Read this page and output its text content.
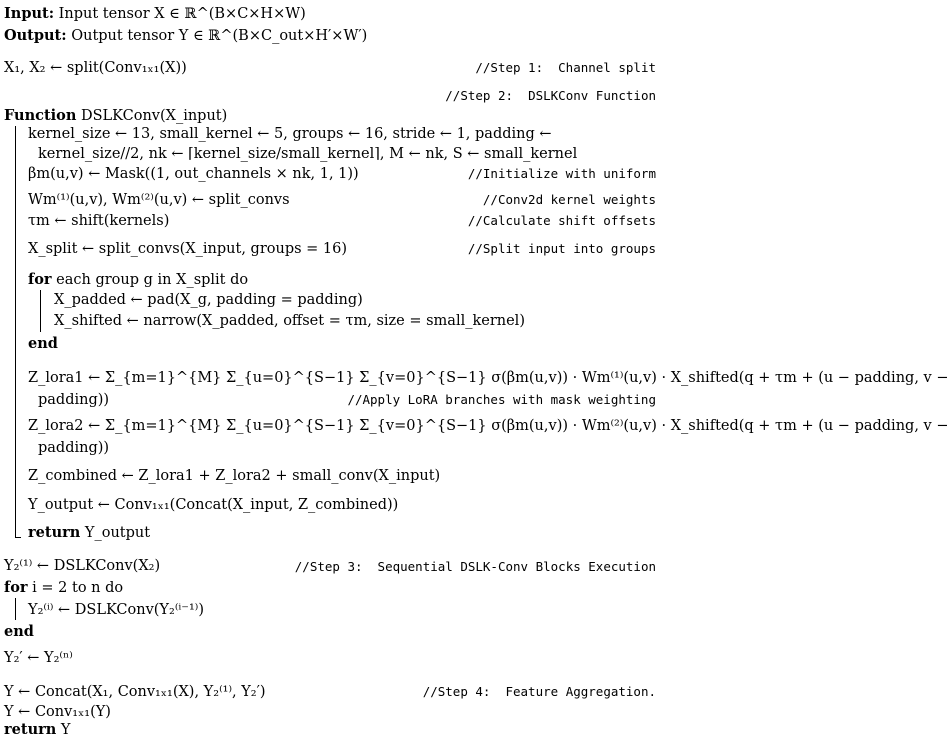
Input: Input tensor X ∈ ℝ^(B×C×H×W)
Output: Output tensor Y ∈ ℝ^(B×C_out×H′×W′)
X₁, X₂ ← split(Conv₁ₓ₁(X))	//Step 1:  Channel split
//Step 2:  DSLKConv Function
Function DSLKConv(X_input)
kernel_size ← 13, small_kernel ← 5, groups ← 16, stride ← 1, padding ←
kernel_size//2, nk ← ⌈kernel_size/small_kernel⌉, M ← nk, S ← small_kernel
βm(u,v) ← Mask((1, out_channels × nk, 1, 1))	//Initialize with uniform
Wm⁽¹⁾(u,v), Wm⁽²⁾(u,v) ← split_convs	//Conv2d kernel weights
τm ← shift(kernels)	//Calculate shift offsets
X_split ← split_convs(X_input, groups = 16)	//Split input into groups
for each group g in X_split do
X_padded ← pad(X_g, padding = padding)
X_shifted ← narrow(X_padded, offset = τm, size = small_kernel)
end
Z_lora1 ← Σ_{m=1}^{M} Σ_{u=0}^{S−1} Σ_{v=0}^{S−1} σ(βm(u,v)) · Wm⁽¹⁾(u,v) · X_shifted(q + τm + (u − padding, v −
padding))	//Apply LoRA branches with mask weighting
Z_lora2 ← Σ_{m=1}^{M} Σ_{u=0}^{S−1} Σ_{v=0}^{S−1} σ(βm(u,v)) · Wm⁽²⁾(u,v) · X_shifted(q + τm + (u − padding, v −
padding))
Z_combined ← Z_lora1 + Z_lora2 + small_conv(X_input)
Y_output ← Conv₁ₓ₁(Concat(X_input, Z_combined))
return Y_output
Y₂⁽¹⁾ ← DSLKConv(X₂)	//Step 3:  Sequential DSLK-Conv Blocks Execution
for i = 2 to n do
Y₂⁽ⁱ⁾ ← DSLKConv(Y₂⁽ⁱ⁻¹⁾)
end
Y₂′ ← Y₂⁽ⁿ⁾
Y ← Concat(X₁, Conv₁ₓ₁(X), Y₂⁽¹⁾, Y₂′)	//Step 4:  Feature Aggregation.
Y ← Conv₁ₓ₁(Y)
return Y
